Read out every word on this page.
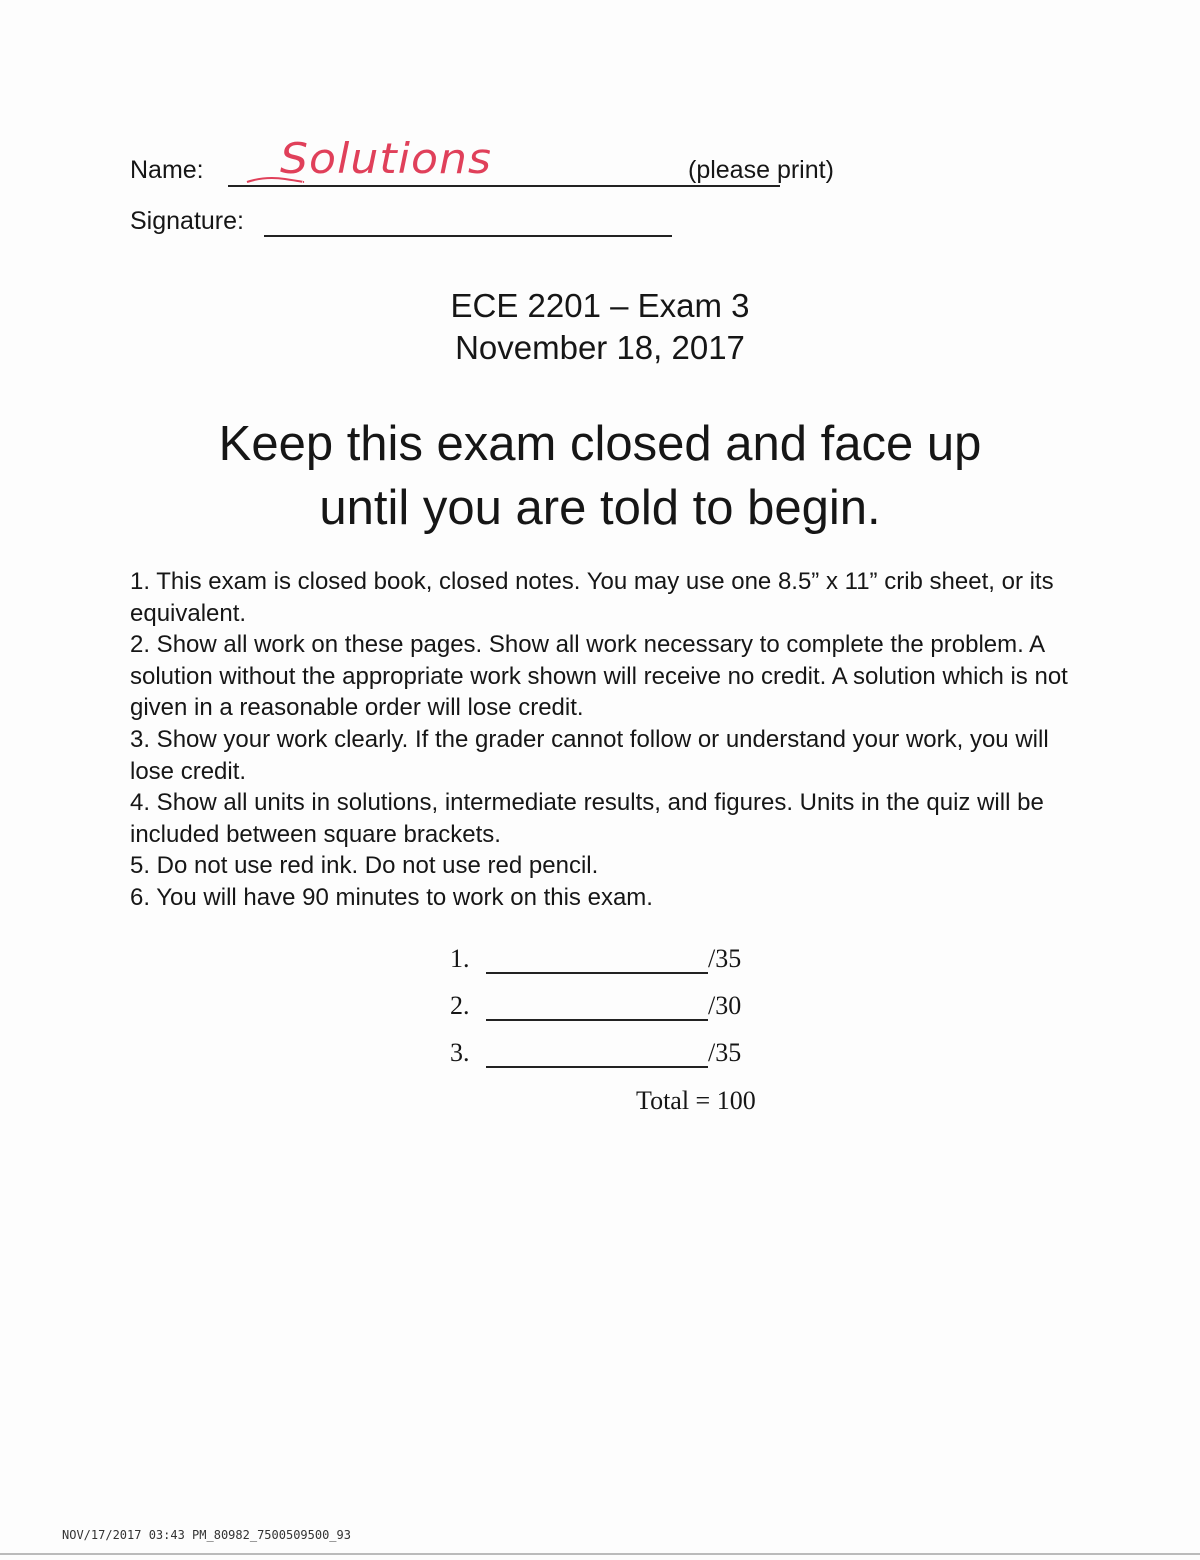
Name: Solutions	(please print)
Signature:
ECE 2201 – Exam 3
November 18, 2017
Keep this exam closed and face up
until you are told to begin.
1. This exam is closed book, closed notes. You may use one 8.5” x 11” crib sheet, or its equivalent.
2. Show all work on these pages. Show all work necessary to complete the problem. A solution without the appropriate work shown will receive no credit. A solution which is not given in a reasonable order will lose credit.
3. Show your work clearly. If the grader cannot follow or understand your work, you will lose credit.
4. Show all units in solutions, intermediate results, and figures. Units in the quiz will be included between square brackets.
5. Do not use red ink. Do not use red pencil.
6. You will have 90 minutes to work on this exam.
1.	/35
2.	/30
3.	/35
Total = 100
NOV/17/2017 03:43 PM_80982_7500509500_93
